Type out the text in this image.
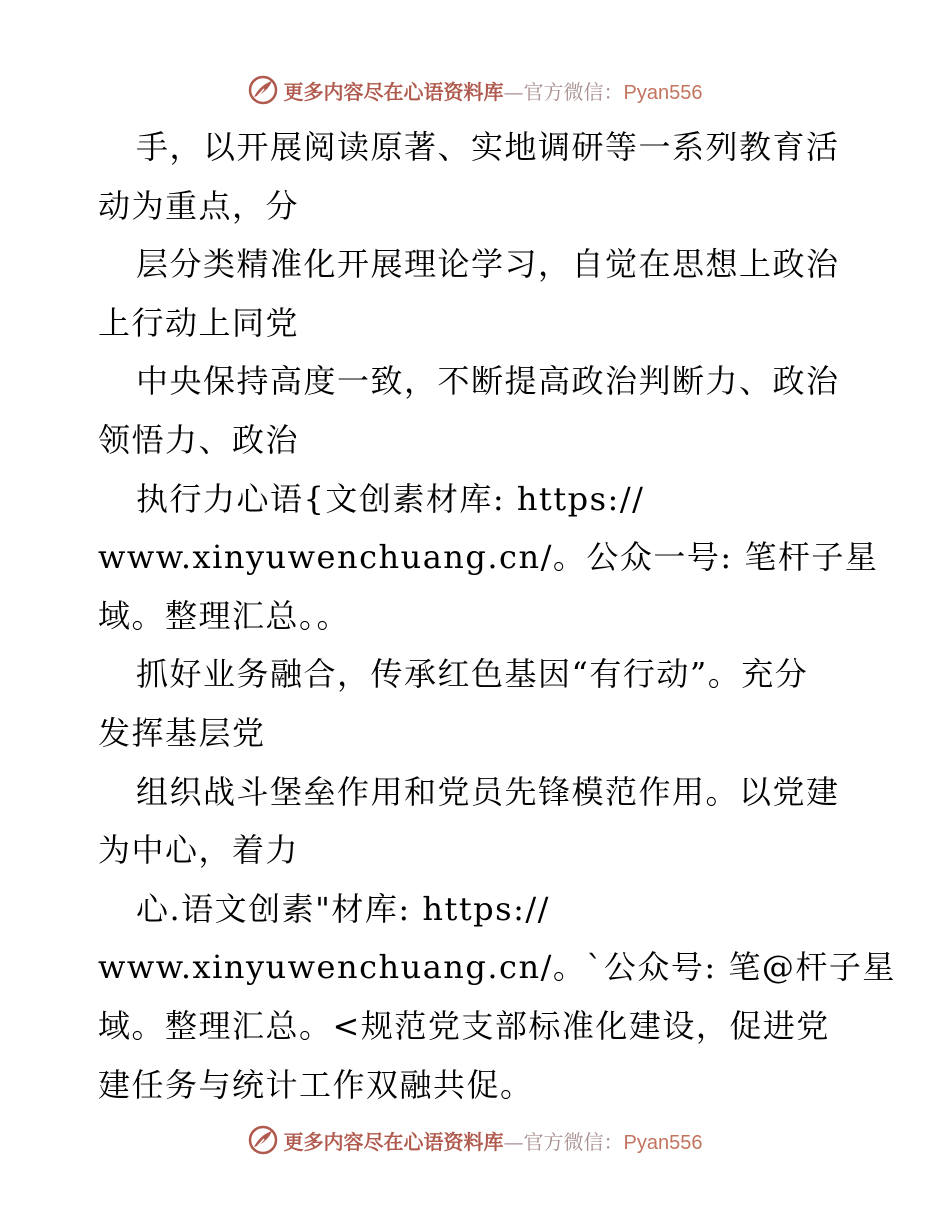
更多内容尽在心语资料库—官方微信：Pyan556
手，以开展阅读原著、实地调研等一系列教育活
动为重点，分
层分类精准化开展理论学习，自觉在思想上政治
上行动上同党
中央保持高度一致，不断提高政治判断力、政治
领悟力、政治
执行力心语{文创素材库: https://
www.xinyuwenchuang.cn/。公众一号: 笔杆子星
域。整理汇总。。
抓好业务融合，传承红色基因“有行动”。充分
发挥基层党
组织战斗堡垒作用和党员先锋模范作用。以党建
为中心，着力
心.语文创素"材库: https://
www.xinyuwenchuang.cn/。`公众号: 笔@杆子星
域。整理汇总。<规范党支部标准化建设，促进党
建任务与统计工作双融共促。
更多内容尽在心语资料库—官方微信：Pyan556
